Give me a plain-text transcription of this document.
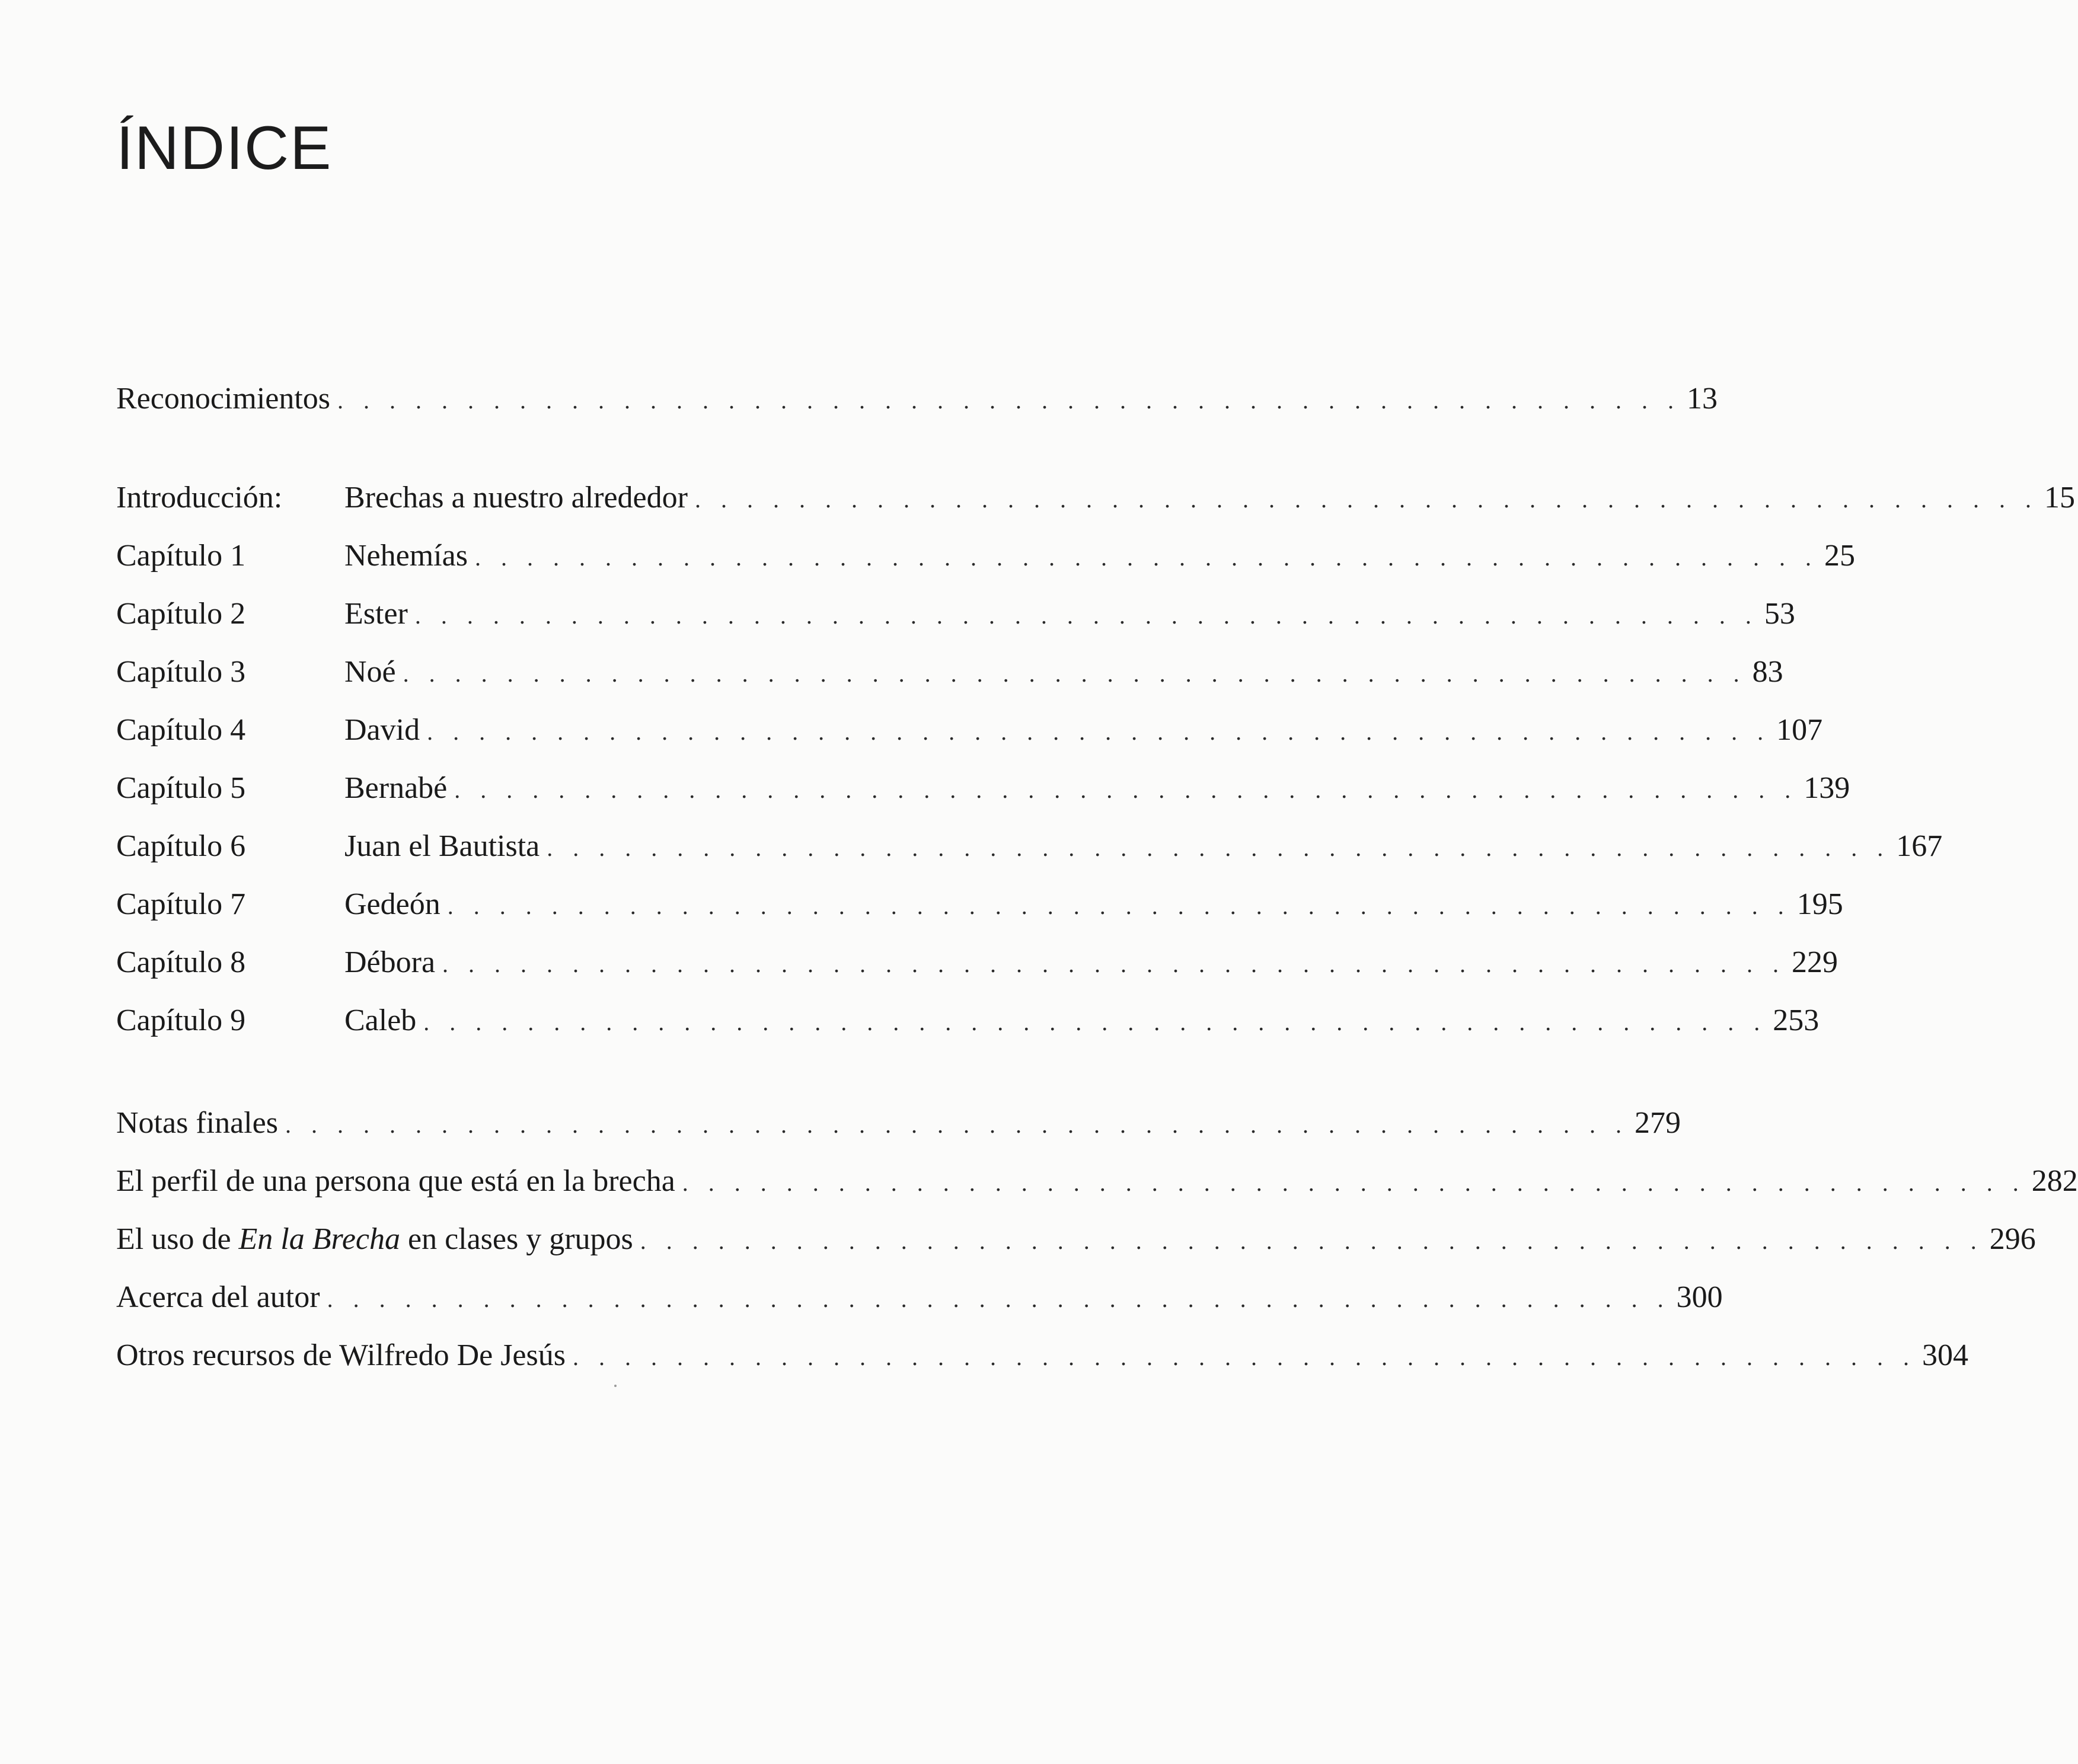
ÍNDICE
Reconocimientos . . . . . . . . . . . . . . . . . . . . . . . . . . . . . . . . . . . . . . . . . . . . . . . . . . . . 13
Introducción:	Brechas a nuestro alrededor . . . . . . . . . . . . . . . . . . . . . . . . . . . . . . . . . . . . . . . . . . . . . . . . . . . . 15
Capítulo 1	Nehemías . . . . . . . . . . . . . . . . . . . . . . . . . . . . . . . . . . . . . . . . . . . . . . . . . . . . 25
Capítulo 2	Ester . . . . . . . . . . . . . . . . . . . . . . . . . . . . . . . . . . . . . . . . . . . . . . . . . . . . 53
Capítulo 3	Noé . . . . . . . . . . . . . . . . . . . . . . . . . . . . . . . . . . . . . . . . . . . . . . . . . . . . 83
Capítulo 4	David . . . . . . . . . . . . . . . . . . . . . . . . . . . . . . . . . . . . . . . . . . . . . . . . . . . . 107
Capítulo 5	Bernabé . . . . . . . . . . . . . . . . . . . . . . . . . . . . . . . . . . . . . . . . . . . . . . . . . . . . 139
Capítulo 6	Juan el Bautista . . . . . . . . . . . . . . . . . . . . . . . . . . . . . . . . . . . . . . . . . . . . . . . . . . . . 167
Capítulo 7	Gedeón . . . . . . . . . . . . . . . . . . . . . . . . . . . . . . . . . . . . . . . . . . . . . . . . . . . . 195
Capítulo 8	Débora . . . . . . . . . . . . . . . . . . . . . . . . . . . . . . . . . . . . . . . . . . . . . . . . . . . . 229
Capítulo 9	Caleb . . . . . . . . . . . . . . . . . . . . . . . . . . . . . . . . . . . . . . . . . . . . . . . . . . . . 253
Notas finales . . . . . . . . . . . . . . . . . . . . . . . . . . . . . . . . . . . . . . . . . . . . . . . . . . . . 279
El perfil de una persona que está en la brecha . . . . . . . . . . . . . . . . . . . . . . . . . . . . . . . . . . . . . . . . . . . . . . . . . . . . 282
El uso de En la Brecha en clases y grupos . . . . . . . . . . . . . . . . . . . . . . . . . . . . . . . . . . . . . . . . . . . . . . . . . . . . 296
Acerca del autor . . . . . . . . . . . . . . . . . . . . . . . . . . . . . . . . . . . . . . . . . . . . . . . . . . . . 300
Otros recursos de Wilfredo De Jesús . . . . . . . . . . . . . . . . . . . . . . . . . . . . . . . . . . . . . . . . . . . . . . . . . . . . 304
